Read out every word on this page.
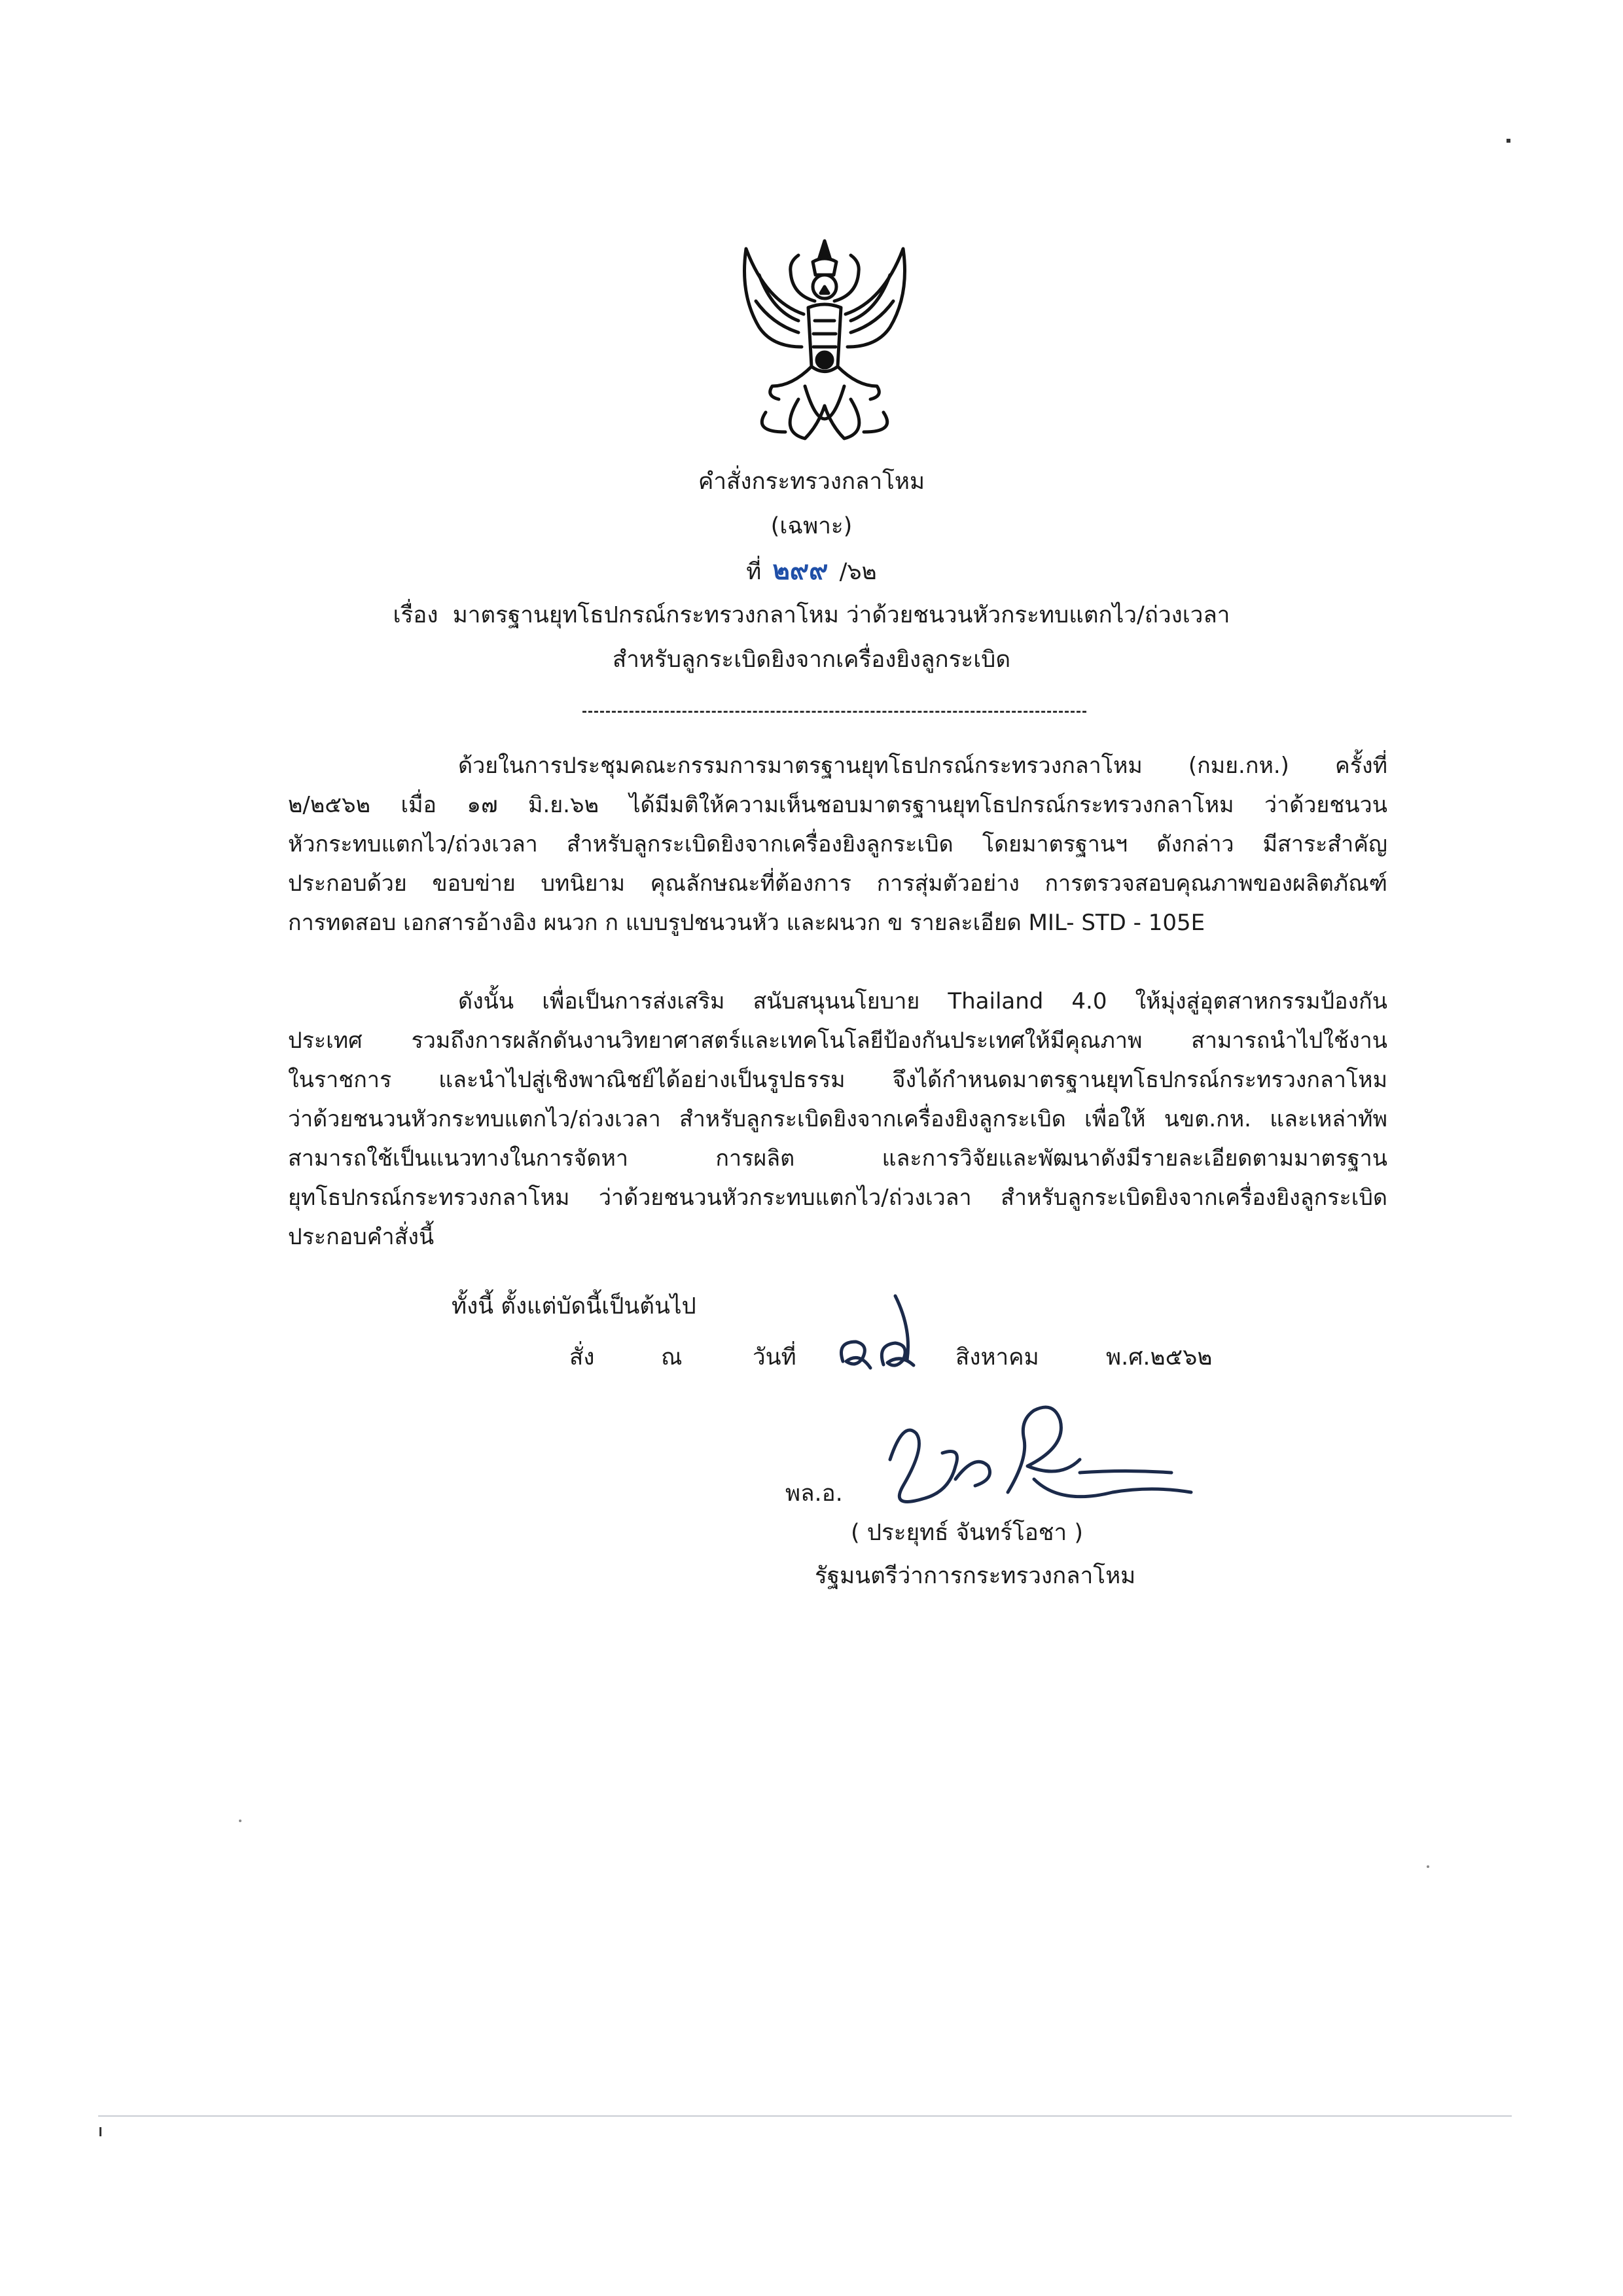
คำสั่งกระทรวงกลาโหม
(เฉพาะ)
ที่ ๒๙๙ /๖๒
เรื่อง มาตรฐานยุทโธปกรณ์กระทรวงกลาโหม ว่าด้วยชนวนหัวกระทบแตกไว/ถ่วงเวลา
สำหรับลูกระเบิดยิงจากเครื่องยิงลูกระเบิด
ด้วยในการประชุมคณะกรรมการมาตรฐานยุทโธปกรณ์กระทรวงกลาโหม (กมย.กห.) ครั้งที่
๒/๒๕๖๒ เมื่อ ๑๗ มิ.ย.๖๒ ได้มีมติให้ความเห็นชอบมาตรฐานยุทโธปกรณ์กระทรวงกลาโหม ว่าด้วยชนวน
หัวกระทบแตกไว/ถ่วงเวลา สำหรับลูกระเบิดยิงจากเครื่องยิงลูกระเบิด โดยมาตรฐานฯ ดังกล่าว มีสาระสำคัญ
ประกอบด้วย ขอบข่าย บทนิยาม คุณลักษณะที่ต้องการ การสุ่มตัวอย่าง การตรวจสอบคุณภาพของผลิตภัณฑ์
การทดสอบ เอกสารอ้างอิง ผนวก ก แบบรูปชนวนหัว และผนวก ข รายละเอียด MIL- STD - 105E
ดังนั้น เพื่อเป็นการส่งเสริม สนับสนุนนโยบาย Thailand 4.0 ให้มุ่งสู่อุตสาหกรรมป้องกัน
ประเทศ รวมถึงการผลักดันงานวิทยาศาสตร์และเทคโนโลยีป้องกันประเทศให้มีคุณภาพ สามารถนำไปใช้งาน
ในราชการ และนำไปสู่เชิงพาณิชย์ได้อย่างเป็นรูปธรรม จึงได้กำหนดมาตรฐานยุทโธปกรณ์กระทรวงกลาโหม
ว่าด้วยชนวนหัวกระทบแตกไว/ถ่วงเวลา สำหรับลูกระเบิดยิงจากเครื่องยิงลูกระเบิด เพื่อให้ นขต.กห. และเหล่าทัพ
สามารถใช้เป็นแนวทางในการจัดหา การผลิต และการวิจัยและพัฒนาดังมีรายละเอียดตามมาตรฐาน
ยุทโธปกรณ์กระทรวงกลาโหม ว่าด้วยชนวนหัวกระทบแตกไว/ถ่วงเวลา สำหรับลูกระเบิดยิงจากเครื่องยิงลูกระเบิด
ประกอบคำสั่งนี้
ทั้งนี้ ตั้งแต่บัดนี้เป็นต้นไป
สั่ง	ณ	วันที่	สิงหาคม	พ.ศ.๒๕๖๒
พล.อ.
( ประยุทธ์ จันทร์โอชา )
รัฐมนตรีว่าการกระทรวงกลาโหม
